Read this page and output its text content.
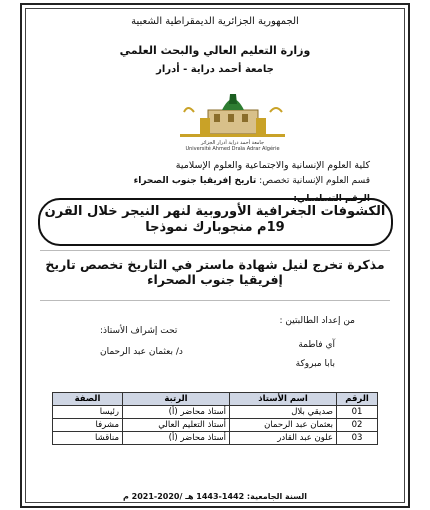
الجمهورية الجزائرية الديمقراطية الشعبية
وزارة التعليم العالي والبحث العلمي
جامعة أحمد دراية - أدرار
جامعة أحمد دراية أدرار الجزائر
Université Ahmed Draïa Adrar Algérie
كلية العلوم الإنسانية والاجتماعية والعلوم الإسلامية
قسم العلوم الإنسانية تخصص: تاريخ إفريقيا جنوب الصحراء
الرقم التسلسلي:
الكشوفات الجغرافية الأوروبية لنهر النيجر خلال القرن 19م منجوبارك نموذجا
مذكرة تخرج لنيل شهادة ماستر في التاريخ تخصص تاريخ إفريقيا جنوب الصحراء
من إعداد الطالبتين :
آي فاطمة
بابا مبروكة
تحت إشراف الأستاذ:
د/ بعثمان عبد الرحمان
الرقم	اسم الأستاذ	الرتبة	الصفة
01	صديقي بلال	أستاذ محاضر (أ)	رئيسا
02	بعثمان عبد الرحمان	أستاذ التعليم العالي	مشرفا
03	علون عبد القادر	أستاذ محاضر (أ)	مناقشا
السنة الجامعية: 1442-1443 هـ /2020-2021 م
